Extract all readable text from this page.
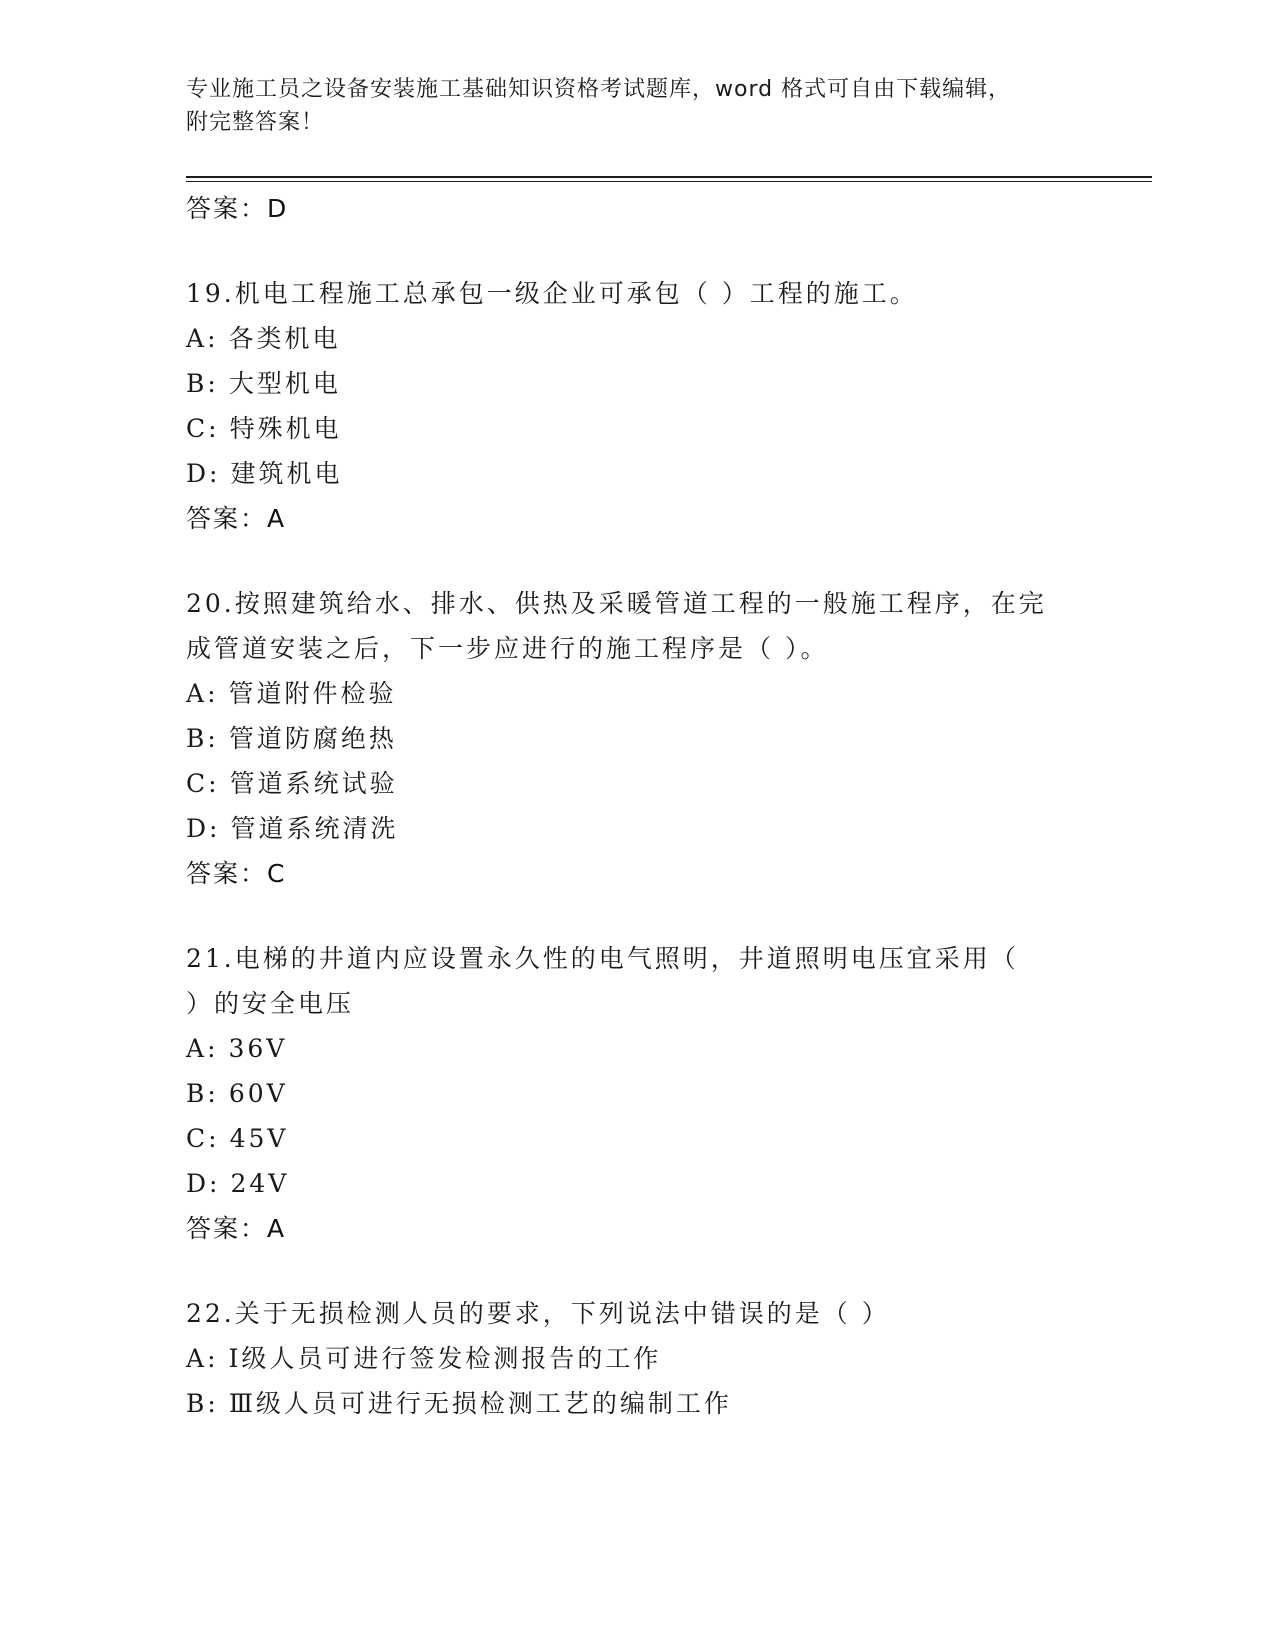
专业施工员之设备安装施工基础知识资格考试题库，word 格式可自由下载编辑，
附完整答案！
答案：D
19.机电工程施工总承包一级企业可承包（ ）工程的施工。
A: 各类机电
B: 大型机电
C: 特殊机电
D: 建筑机电
答案：A
20.按照建筑给水、排水、供热及采暖管道工程的一般施工程序，在完
成管道安装之后，下一步应进行的施工程序是（ ）。
A: 管道附件检验
B: 管道防腐绝热
C: 管道系统试验
D: 管道系统清洗
答案：C
21.电梯的井道内应设置永久性的电气照明，井道照明电压宜采用（
）的安全电压
A: 36V
B: 60V
C: 45V
D: 24V
答案：A
22.关于无损检测人员的要求，下列说法中错误的是（ ）
A: Ⅰ级人员可进行签发检测报告的工作
B: Ⅲ级人员可进行无损检测工艺的编制工作
